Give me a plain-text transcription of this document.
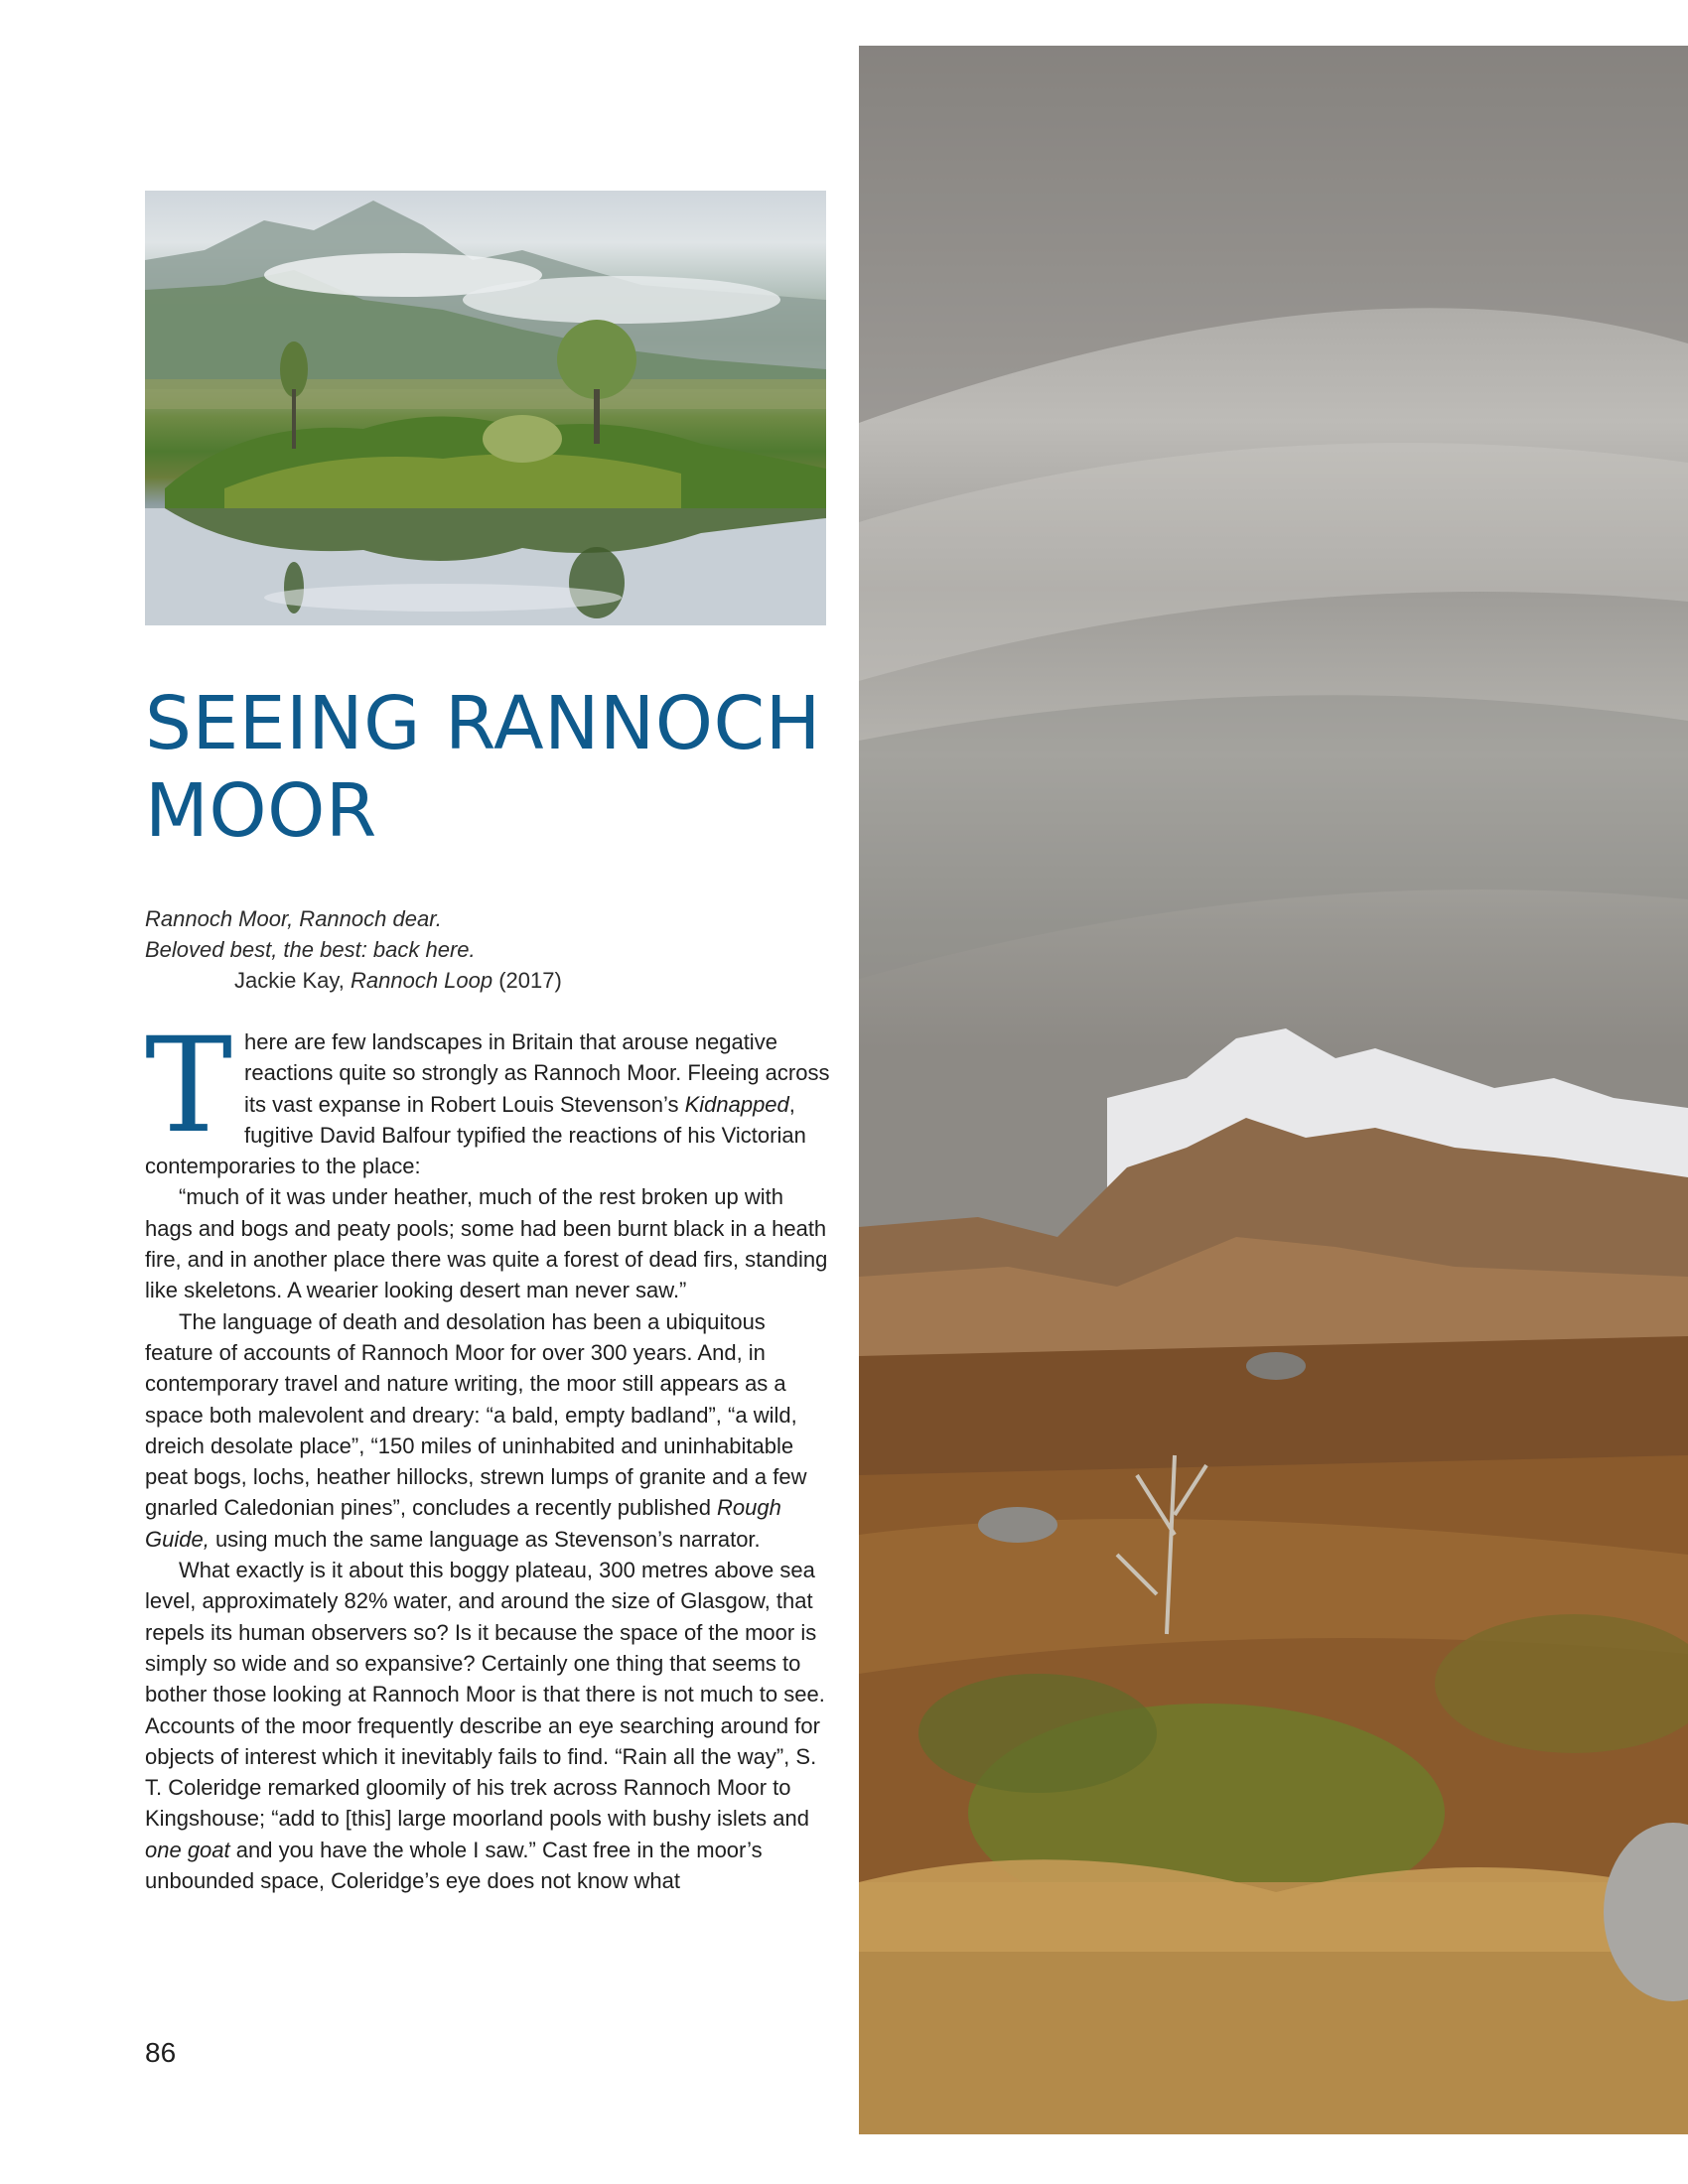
SEEING RANNOCH MOOR
Rannoch Moor, Rannoch dear.
Beloved best, the best: back here.
Jackie Kay, Rannoch Loop (2017)

There are few landscapes in Britain that arouse negative reactions quite so strongly as Rannoch Moor. Fleeing across its vast expanse in Robert Louis Stevenson’s Kidnapped, fugitive David Balfour typified the reactions of his Victorian contemporaries to the place:

“much of it was under heather, much of the rest broken up with hags and bogs and peaty pools; some had been burnt black in a heath fire, and in another place there was quite a forest of dead firs, standing like skeletons. A wearier looking desert man never saw.”

The language of death and desolation has been a ubiquitous feature of accounts of Rannoch Moor for over 300 years. And, in contemporary travel and nature writing, the moor still appears as a space both malevolent and dreary: “a bald, empty badland”, “a wild, dreich desolate place”, “150 miles of uninhabited and uninhabitable peat bogs, lochs, heather hillocks, strewn lumps of granite and a few gnarled Caledonian pines”, concludes a recently published Rough Guide, using much the same language as Stevenson’s narrator.

What exactly is it about this boggy plateau, 300 metres above sea level, approximately 82% water, and around the size of Glasgow, that repels its human observers so? Is it because the space of the moor is simply so wide and so expansive? Certainly one thing that seems to bother those looking at Rannoch Moor is that there is not much to see. Accounts of the moor frequently describe an eye searching around for objects of interest which it inevitably fails to find. “Rain all the way”, S. T. Coleridge remarked gloomily of his trek across Rannoch Moor to Kingshouse; “add to [this] large moorland pools with bushy islets and one goat and you have the whole I saw.” Cast free in the moor’s unbounded space, Coleridge’s eye does not know what

86
